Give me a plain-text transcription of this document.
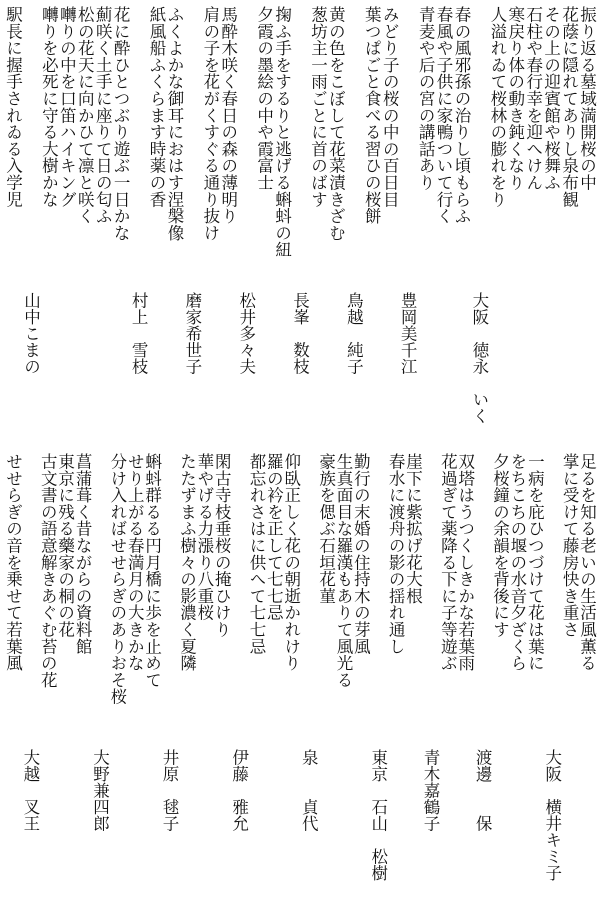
振り返る墓域満開桜の中
花蔭に隠れてありし泉布観
その上の迎賓館や桜舞ふ
石柱や春行幸を迎へけん
寒戻り体の動き鈍くなり
人溢れゐて桜林の膨れをり
大阪　徳永　いく
春の風邪孫の治りし頃もらふ
春風や子供に家鴨ついて行く
青麦や后の宮の講話あり
豊岡美千江
みどり子の桜の中の百日目
葉つぱごと食べる習ひの桜餅
鳥越　純子
黄の色をこぼして花菜漬きざむ
葱坊主一雨ごとに首のばす
長峯　数枝
掬ふ手をするりと逃げる蝌蚪の紐
夕霞の墨絵の中や霞富士
松井多々夫
馬酔木咲く春日の森の薄明り
肩の子を花がくすぐる通り抜け
磨家希世子
ふくよかな御耳におはす涅槃像
紙風船ふくらます時薬の香
村上　雪枝
花に酔ひとつぶり遊ぶ一日かな
薊咲く土手に座りて日の匂ふ
松の花天に向かひて凛と咲く
囀りの中を口笛ハイキング
囀りを必死に守る大樹かな
山中こまの
駅長に握手されゐる入学児
足るを知る老いの生活風薫る
掌に受けて藤房快き重さ
大阪　横井キミ子
一病を庇ひつづけて花は葉に
をちこちの堰の水音夕ざくら
夕桜鐘の余韻を背後にす
渡邊　　保
双塔はうつくしきかな若葉雨
花過ぎて薬降る下に子等遊ぶ
青木嘉鶴子
崖下に紫拡げ花大根
春水に渡舟の影の揺れ通し
東京　石山　松樹
勤行の末婚の住持木の芽風
生真面目な羅漢もありて風光る
豪族を偲ぶ石垣花菫
泉　　貞代
仰臥正しく花の朝逝かれけり
羅の衿を正して七七忌
都忘れさはに供へて七七忌
伊藤　雅允
閑古寺枝垂桜の掩ひけり
華やげる力漲り八重桜
たたずまふ樹々の影濃く夏隣
井原　毬子
蝌蚪群るる円月橋に歩を止めて
せり上がる春満月の大きかな
分け入ればせせらぎのありおそ桜
大野兼四郎
菖蒲葺く昔ながらの資料館
東京に残る藥家の桐の花
古文書の語意解きあぐむ苔の花
大越　叉王
せせらぎの音を乗せて若葉風
